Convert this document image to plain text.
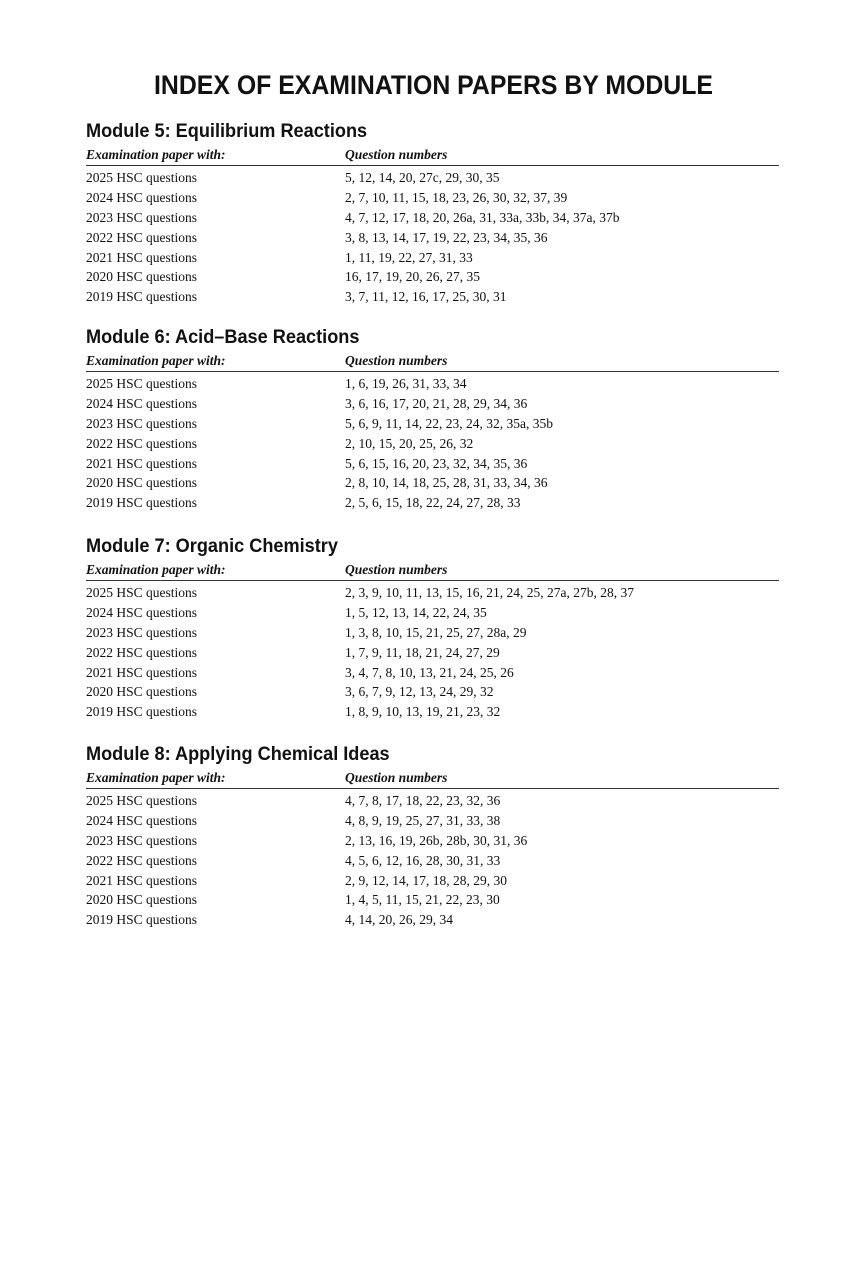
INDEX OF EXAMINATION PAPERS BY MODULE
Module 5: Equilibrium Reactions
Examination paper with:	Question numbers
2025 HSC questions	5, 12, 14, 20, 27c, 29, 30, 35
2024 HSC questions	2, 7, 10, 11, 15, 18, 23, 26, 30, 32, 37, 39
2023 HSC questions	4, 7, 12, 17, 18, 20, 26a, 31, 33a, 33b, 34, 37a, 37b
2022 HSC questions	3, 8, 13, 14, 17, 19, 22, 23, 34, 35, 36
2021 HSC questions	1, 11, 19, 22, 27, 31, 33
2020 HSC questions	16, 17, 19, 20, 26, 27, 35
2019 HSC questions	3, 7, 11, 12, 16, 17, 25, 30, 31
Module 6: Acid–Base Reactions
Examination paper with:	Question numbers
2025 HSC questions	1, 6, 19, 26, 31, 33, 34
2024 HSC questions	3, 6, 16, 17, 20, 21, 28, 29, 34, 36
2023 HSC questions	5, 6, 9, 11, 14, 22, 23, 24, 32, 35a, 35b
2022 HSC questions	2, 10, 15, 20, 25, 26, 32
2021 HSC questions	5, 6, 15, 16, 20, 23, 32, 34, 35, 36
2020 HSC questions	2, 8, 10, 14, 18, 25, 28, 31, 33, 34, 36
2019 HSC questions	2, 5, 6, 15, 18, 22, 24, 27, 28, 33
Module 7: Organic Chemistry
Examination paper with:	Question numbers
2025 HSC questions	2, 3, 9, 10, 11, 13, 15, 16, 21, 24, 25, 27a, 27b, 28, 37
2024 HSC questions	1, 5, 12, 13, 14, 22, 24, 35
2023 HSC questions	1, 3, 8, 10, 15, 21, 25, 27, 28a, 29
2022 HSC questions	1, 7, 9, 11, 18, 21, 24, 27, 29
2021 HSC questions	3, 4, 7, 8, 10, 13, 21, 24, 25, 26
2020 HSC questions	3, 6, 7, 9, 12, 13, 24, 29, 32
2019 HSC questions	1, 8, 9, 10, 13, 19, 21, 23, 32
Module 8: Applying Chemical Ideas
Examination paper with:	Question numbers
2025 HSC questions	4, 7, 8, 17, 18, 22, 23, 32, 36
2024 HSC questions	4, 8, 9, 19, 25, 27, 31, 33, 38
2023 HSC questions	2, 13, 16, 19, 26b, 28b, 30, 31, 36
2022 HSC questions	4, 5, 6, 12, 16, 28, 30, 31, 33
2021 HSC questions	2, 9, 12, 14, 17, 18, 28, 29, 30
2020 HSC questions	1, 4, 5, 11, 15, 21, 22, 23, 30
2019 HSC questions	4, 14, 20, 26, 29, 34
